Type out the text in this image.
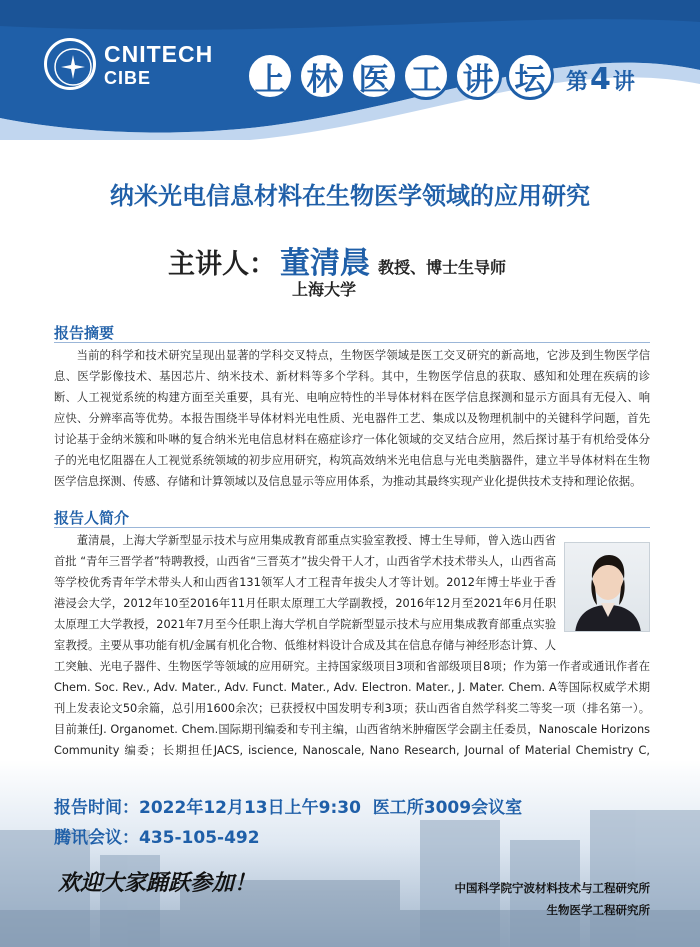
CNITECH
CIBE	上 林 医 工 讲 坛 第4讲
纳米光电信息材料在生物医学领域的应用研究
主讲人： 董清晨 教授、博士生导师
上海大学
报告摘要
当前的科学和技术研究呈现出显著的学科交叉特点，生物医学领域是医工交叉研究的新高地，它涉及到生物医学信息、医学影像技术、基因芯片、纳米技术、新材料等多个学科。其中，生物医学信息的获取、感知和处理在疾病的诊断、人工视觉系统的构建方面至关重要，具有光、电响应特性的半导体材料在医学信息探测和显示方面具有无侵入、响应快、分辨率高等优势。本报告围绕半导体材料光电性质、光电器件工艺、集成以及物理机制中的关键科学问题，首先讨论基于金纳米簇和卟啉的复合纳米光电信息材料在癌症诊疗一体化领域的交叉结合应用，然后探讨基于有机给受体分子的光电忆阻器在人工视觉系统领域的初步应用研究，构筑高效纳米光电信息与光电类脑器件，建立半导体材料在生物医学信息探测、传感、存储和计算领域以及信息显示等应用体系，为推动其最终实现产业化提供技术支持和理论依据。
报告人简介
董清晨，上海大学新型显示技术与应用集成教育部重点实验室教授、博士生导师，曾入选山西省首批 “青年三晋学者”特聘教授，山西省“三晋英才”拔尖骨干人才，山西省学术技术带头人，山西省高等学校优秀青年学术带头人和山西省131领军人才工程青年拔尖人才等计划。2012年博士毕业于香港浸会大学，2012年10至2016年11月任职太原理工大学副教授，2016年12月至2021年6月任职太原理工大学教授，2021年7月至今任职上海大学机自学院新型显示技术与应用集成教育部重点实验室教授。主要从事功能有机/金属有机化合物、低维材料设计合成及其在信息存储与神经形态计算、人工突触、光电子器件、生物医学等领域的应用研究。主持国家级项目3项和省部级项目8项；作为第一作者或通讯作者在Chem. Soc. Rev., Adv. Mater., Adv. Funct. Mater., Adv. Electron. Mater., J. Mater. Chem. A等国际权威学术期刊上发表论文50余篇，总引用1600余次；已获授权中国发明专利3项；获山西省自然学科奖二等奖一项（排名第一）。目前兼任J. Organomet. Chem.国际期刊编委和专刊主编，山西省纳米肿瘤医学会副主任委员，Nanoscale Horizons Community 编委；长期担任JACS, iscience, Nanoscale, Nano Research, Journal of Material Chemistry C,
报告时间：2022年12月13日上午9:30 医工所3009会议室
腾讯会议：435-105-492
欢迎大家踊跃参加！	中国科学院宁波材料技术与工程研究所
生物医学工程研究所
